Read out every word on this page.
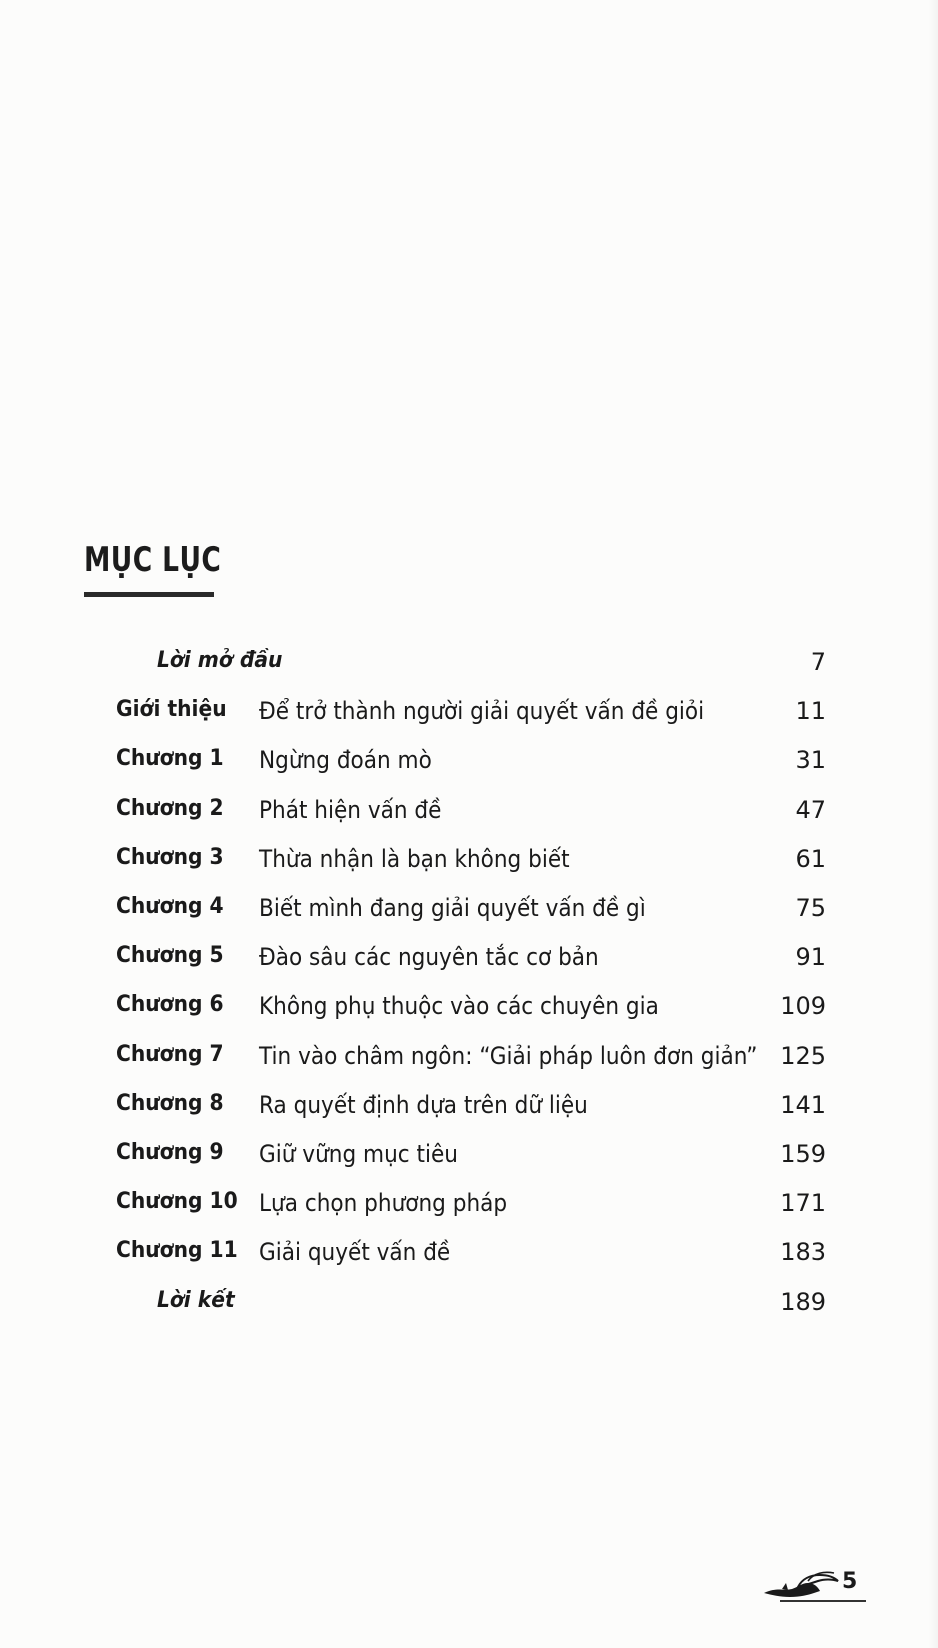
MỤC LỤC
Lời mở đầu	7
Giới thiệu Để trở thành người giải quyết vấn đề giỏi	11
Chương 1 Ngừng đoán mò	31
Chương 2 Phát hiện vấn đề	47
Chương 3 Thừa nhận là bạn không biết	61
Chương 4 Biết mình đang giải quyết vấn đề gì	75
Chương 5 Đào sâu các nguyên tắc cơ bản	91
Chương 6 Không phụ thuộc vào các chuyên gia	109
Chương 7 Tin vào châm ngôn: “Giải pháp luôn đơn giản” 125
Chương 8 Ra quyết định dựa trên dữ liệu	141
Chương 9 Giữ vững mục tiêu	159
Chương 10 Lựa chọn phương pháp	171
Chương 11 Giải quyết vấn đề	183
Lời kết	189
5
